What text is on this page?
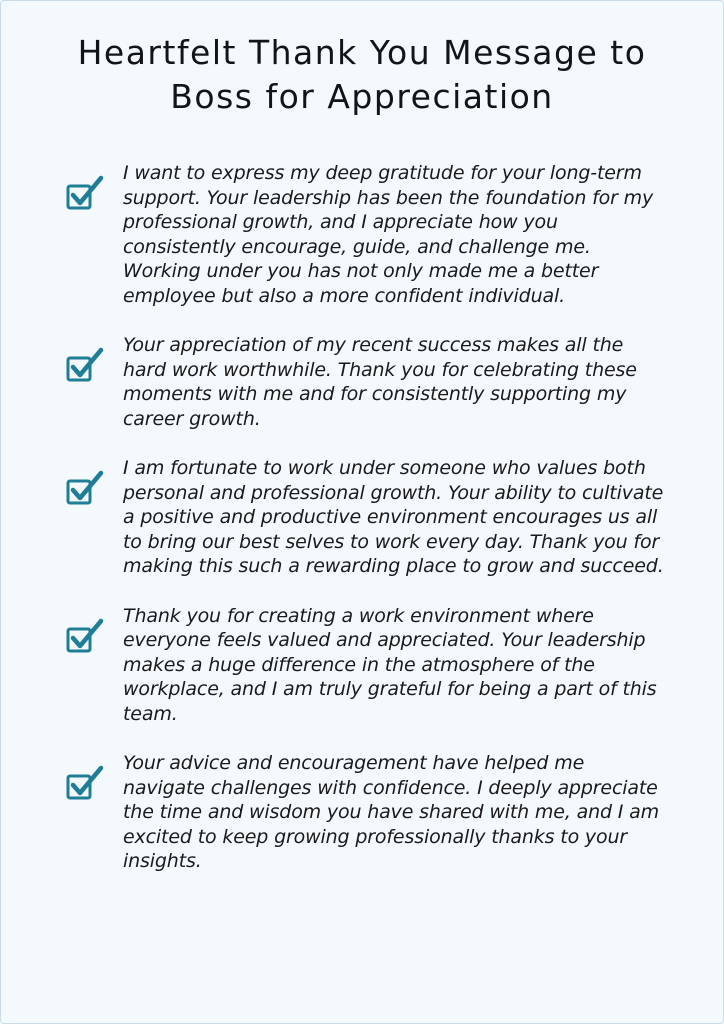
Heartfelt Thank You Message to
Boss for Appreciation
I want to express my deep gratitude for your long-term support. Your leadership has been the foundation for my professional growth, and I appreciate how you consistently encourage, guide, and challenge me. Working under you has not only made me a better employee but also a more confident individual.
Your appreciation of my recent success makes all the hard work worthwhile. Thank you for celebrating these moments with me and for consistently supporting my career growth.
I am fortunate to work under someone who values both personal and professional growth. Your ability to cultivate a positive and productive environment encourages us all to bring our best selves to work every day. Thank you for making this such a rewarding place to grow and succeed.
Thank you for creating a work environment where everyone feels valued and appreciated. Your leadership makes a huge difference in the atmosphere of the workplace, and I am truly grateful for being a part of this team.
Your advice and encouragement have helped me navigate challenges with confidence. I deeply appreciate the time and wisdom you have shared with me, and I am excited to keep growing professionally thanks to your insights.
